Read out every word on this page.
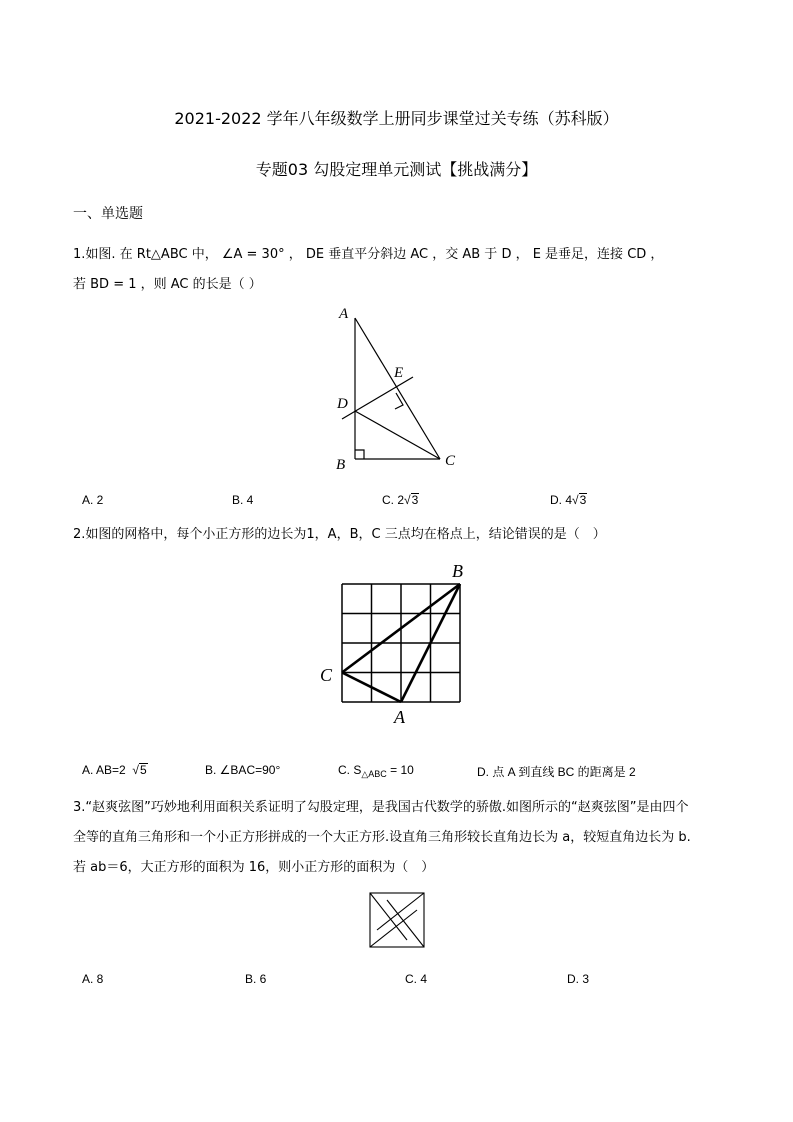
2021-2022 学年八年级数学上册同步课堂过关专练（苏科版）
专题03 勾股定理单元测试【挑战满分】
一、单选题
1.如图. 在 Rt△ABC 中， ∠A = 30° ， DE 垂直平分斜边 AC ，交 AB 于 D ， E 是垂足，连接 CD ，
若 BD = 1 ，则 AC 的长是（ ）
A
B	C
D
E
A. 2	B. 4	C. 2√3	D. 4√3
2.如图的网格中，每个小正方形的边长为1，A，B，C 三点均在格点上，结论错误的是（　）
B
C
A
A. AB=2  √5	B. ∠BAC=90°	C. $S_{\triangle ABC} = 10$	D. 点 A 到直线 BC 的距离是 2
3.“赵爽弦图”巧妙地利用面积关系证明了勾股定理，是我国古代数学的骄傲.如图所示的“赵爽弦图”是由四个
全等的直角三角形和一个小正方形拼成的一个大正方形.设直角三角形较长直角边长为 a，较短直角边长为 b.
若 ab＝6，大正方形的面积为 16，则小正方形的面积为（　）
A. 8	B. 6	C. 4	D. 3
